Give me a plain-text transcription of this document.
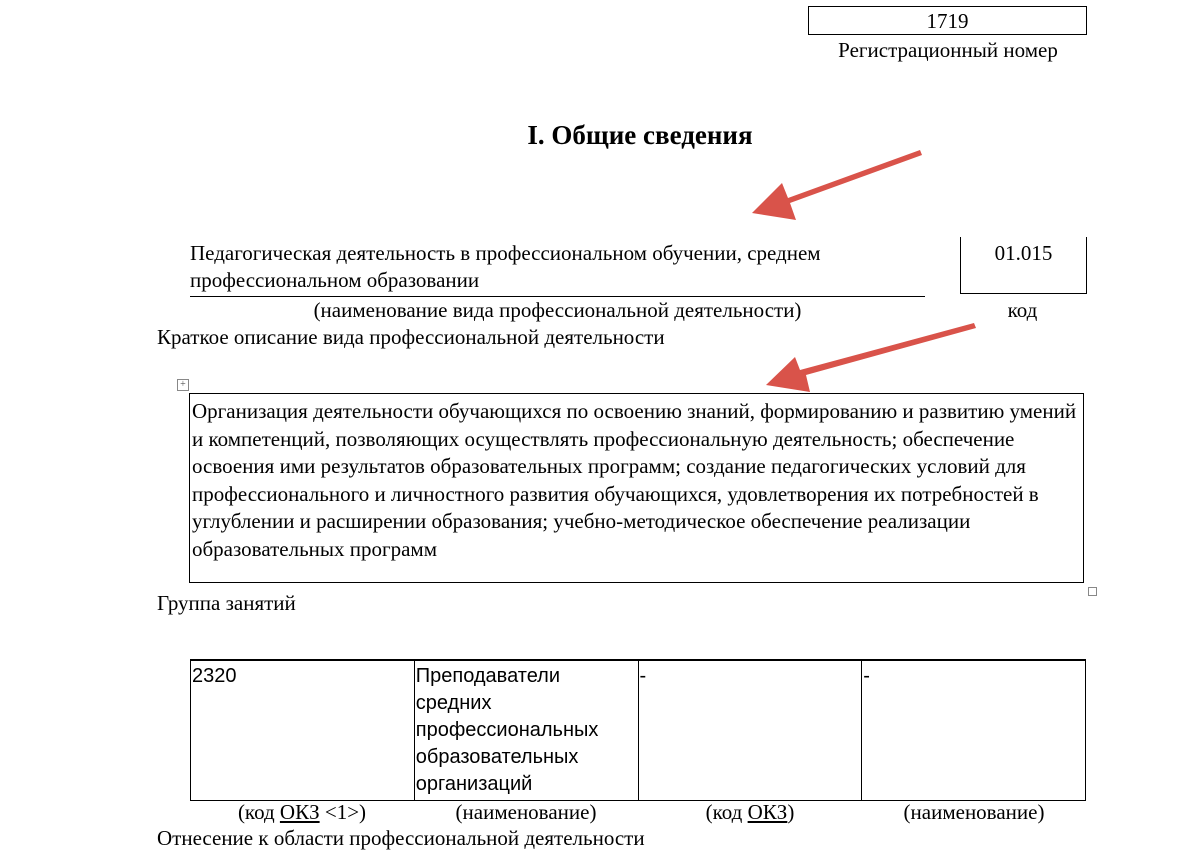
1719
Регистрационный номер
I. Общие сведения
Педагогическая деятельность в профессиональном обучении, среднем профессиональном образовании
01.015
(наименование вида профессиональной деятельности)	код
Краткое описание вида профессиональной деятельности
+
Организация деятельности обучающихся по освоению знаний, формированию и развитию умений и компетенций, позволяющих осуществлять профессиональную деятельность; обеспечение освоения ими результатов образовательных программ; создание педагогических условий для профессионального и личностного развития обучающихся, удовлетворения их потребностей в углублении и расширении образования; учебно-методическое обеспечение реализации образовательных программ
Группа занятий
2320	Преподаватели средних профессиональных образовательных организаций	-	-
(код ОКЗ <1>)	(наименование)	(код ОКЗ)	(наименование)
Отнесение к области профессиональной деятельности
